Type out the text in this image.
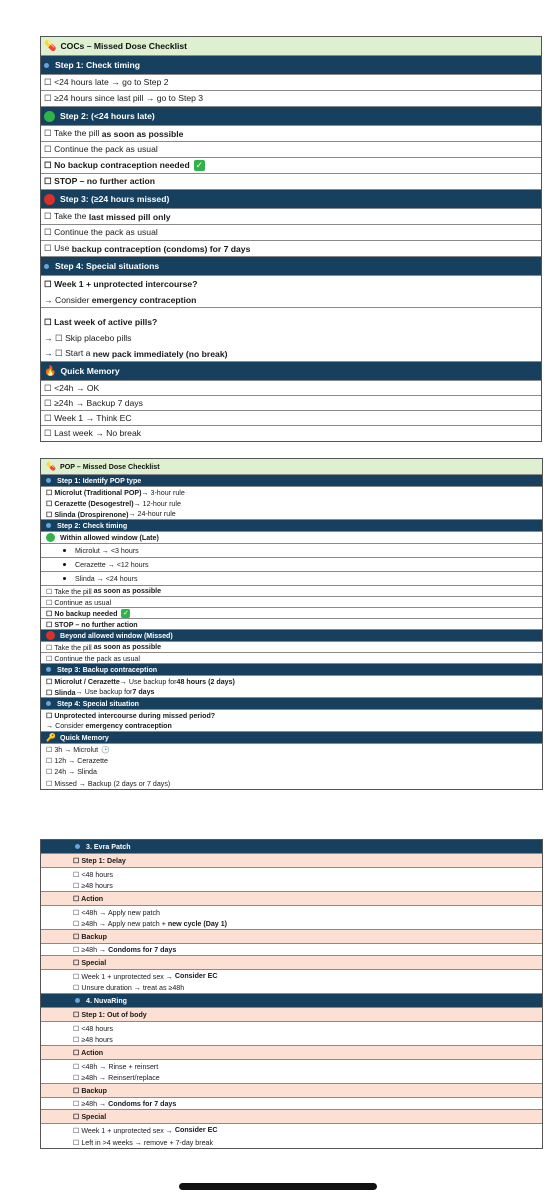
💊 COCs – Missed Dose Checklist
Step 1: Check timing
☐ <24 hours late → go to Step 2
☐ ≥24 hours since last pill → go to Step 3
Step 2: (<24 hours late)
☐ Take the pill
as soon as possible
☐ Continue the pack as usual
☐ No backup contraception needed ✓
☐ STOP – no further action
Step 3: (≥24 hours missed)
☐ Take the
last missed pill only
☐ Continue the pack as usual
☐ Use
backup contraception (condoms) for 7 days
Step 4: Special situations
☐ Week 1 + unprotected intercourse?
→ Consider
emergency contraception
☐ Last week of active pills?
→ ☐ Skip placebo pills
→ ☐ Start a
new pack immediately (no break)
🔥 Quick Memory
☐ <24h → OK
☐ ≥24h → Backup 7 days
☐ Week 1 → Think EC
☐ Last week → No break
💊 POP – Missed Dose Checklist
Step 1: Identify POP type
☐ Microlut (Traditional POP) → 3-hour rule
☐ Cerazette (Desogestrel) → 12-hour rule
☐ Slinda (Drospirenone) → 24-hour rule
Step 2: Check timing
Within allowed window (Late)
Microlut → <3 hours
Cerazette → <12 hours
Slinda → <24 hours
☐ Take the pill
as soon as possible
☐ Continue as usual
☐ No backup needed ✓
☐ STOP – no further action
Beyond allowed window (Missed)
☐ Take the pill
as soon as possible
☐ Continue the pack as usual
Step 3: Backup contraception
☐ Microlut / Cerazette → Use backup for 48 hours (2 days)
☐ Slinda → Use backup for 7 days
Step 4: Special situation
☐ Unprotected intercourse during missed period?
→ Consider
emergency contraception
🔑 Quick Memory
☐ 3h → Microlut 🕒
☐ 12h → Cerazette
☐ 24h → Slinda
☐ Missed → Backup (2 days or 7 days)
3. Evra Patch
☐ Step 1: Delay
☐ <48 hours
☐ ≥48 hours
☐ Action
☐ <48h → Apply new patch
☐ ≥48h → Apply new patch +
new cycle (Day 1)
☐ Backup
☐ ≥48h →
Condoms for 7 days
☐ Special
☐ Week 1 + unprotected sex →
Consider EC
☐ Unsure duration → treat as ≥48h
4. NuvaRing
☐ Step 1: Out of body
☐ <48 hours
☐ ≥48 hours
☐ Action
☐ <48h → Rinse + reinsert
☐ ≥48h → Reinsert/replace
☐ Backup
☐ ≥48h →
Condoms for 7 days
☐ Special
☐ Week 1 + unprotected sex →
Consider EC
☐ Left in >4 weeks → remove + 7-day break
